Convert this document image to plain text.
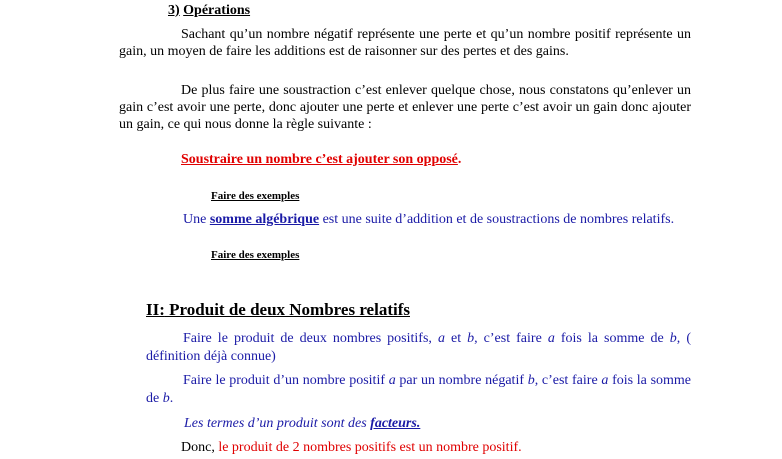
3) Opérations
Sachant qu’un nombre négatif représente une perte et qu’un nombre positif représente un gain, un moyen de faire les additions est de raisonner sur des pertes et des gains.
De plus faire une soustraction c’est enlever quelque chose, nous constatons qu’enlever un gain c’est avoir une perte, donc ajouter une perte et enlever une perte c’est avoir un gain donc ajouter un gain, ce qui nous donne la règle suivante :
Soustraire un nombre c’est ajouter son opposé.
Faire des exemples
Une somme algébrique est une suite d’addition et de soustractions de nombres relatifs.
Faire des exemples
II: Produit de deux Nombres relatifs
Faire le produit de deux nombres positifs, a et b, c’est faire a fois la somme de b, ( définition déjà connue)
Faire le produit d’un nombre positif a par un nombre négatif b, c’est faire a fois la somme de b.
Les termes d’un produit sont des facteurs.
Donc, le produit de 2 nombres positifs est un nombre positif.
